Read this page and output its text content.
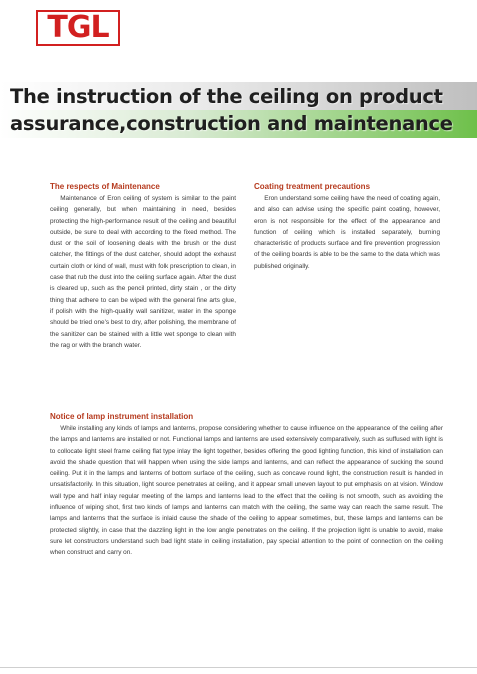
TGL
The instruction of the ceiling on product
assurance,construction and maintenance
The respects of Maintenance

Maintenance of Eron ceiling of system is similar to the paint ceiling generally, but when maintaining in need, besides protecting the high-performance result of the ceiling and beautiful outside, be sure to deal with according to the fixed method. The dust or the soil of loosening deals with the brush or the dust catcher, the fittings of the dust catcher, should adopt the exhaust curtain cloth or kind of wall, must with folk prescription to clean, in case that rub the dust into the ceiling surface again. After the dust is cleared up, such as the pencil printed, dirty stain , or the dirty thing that adhere to can be wiped with the general fine arts glue, if polish with the high-quality wall sanitizer, water in the sponge should be tried one's best to dry, after polishing, the membrane of the sanitizer can be stained with a little wet sponge to clean with the rag or with the branch water.

Coating treatment precautions

Eron understand some ceiling have the need of coating again, and also can advise using the specific paint coating, however, eron is not responsible for the effect of the appearance and function of ceiling which is installed separately, burning characteristic of products surface and fire prevention progression of the ceiling boards is able to be the same to the data which was published originally.

Notice of lamp instrument installation

While installing any kinds of lamps and lanterns, propose considering whether to cause influence on the appearance of the ceiling after the lamps and lanterns are installed or not. Functional lamps and lanterns are used extensively comparatively, such as suffused with light is to collocate light steel frame ceiling flat type inlay the light together, besides offering the good lighting function, this kind of installation can avoid the shade question that will happen when using the side lamps and lanterns, and can reflect the appearance of sucking the sound ceiling. Put it in the lamps and lanterns of bottom surface of the ceiling, such as concave round light, the construction result is handed in unsatisfactorily. In this situation, light source penetrates at ceiling, and it appear small uneven layout to put emphasis on at vision. Window wall type and half inlay regular meeting of the lamps and lanterns lead to the effect that the ceiling is not smooth, such as avoiding the influence of wiping shot, first two kinds of lamps and lanterns can match with the ceiling, the same way can reach the same result. The lamps and lanterns that the surface is inlaid cause the shade of the ceiling to appear sometimes, but, these lamps and lanterns can be protected slightly, in case that the dazzling light in the low angle penetrates on the ceiling. If the projection light is unable to avoid, make sure let constructors understand such bad light state in ceiling installation, pay special attention to the point of connection on the ceiling when construct and carry on.
